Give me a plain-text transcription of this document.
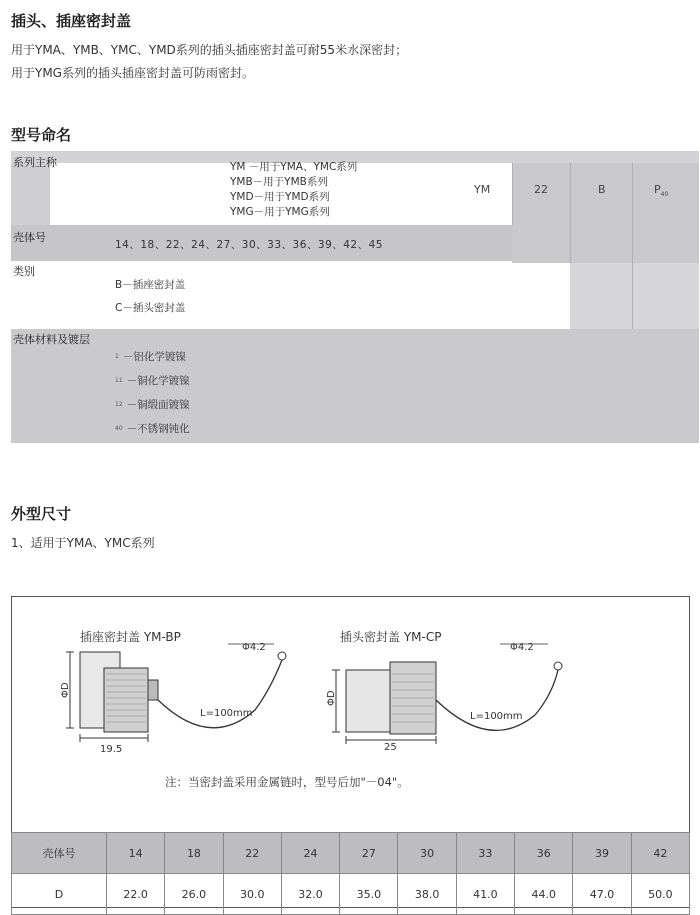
插头、插座密封盖
用于YMA、YMB、YMC、YMD系列的插头插座密封盖可耐55米水深密封；
用于YMG系列的插头插座密封盖可防雨密封。
型号命名
系列主称	YM －用于YMA、YMC系列
YMB－用于YMB系列
YMD－用于YMD系列
YMG－用于YMG系列
YM	22	B	$P_{40}$
壳体号
14、18、22、24、27、30、33、36、39、42、45
类别
B－插座密封盖
C－插头密封盖
壳体材料及镀层
1 －铝化学镀镍
11 －铜化学镀镍
12 －铜缎面镀镍
40 －不锈钢钝化
外型尺寸
1、适用于YMA、YMC系列
插座密封盖 YM-BP	插头密封盖 YM-CP
ΦD
19.5
L=100mm
Φ4.2
ΦD
25
L=100mm
Φ4.2
注：当密封盖采用金属链时，型号后加"－04"。
壳体号	14	18	22	24	27	30	33	36	39	42
D	22.0	26.0	30.0	32.0	35.0	38.0	41.0	44.0	47.0	50.0
